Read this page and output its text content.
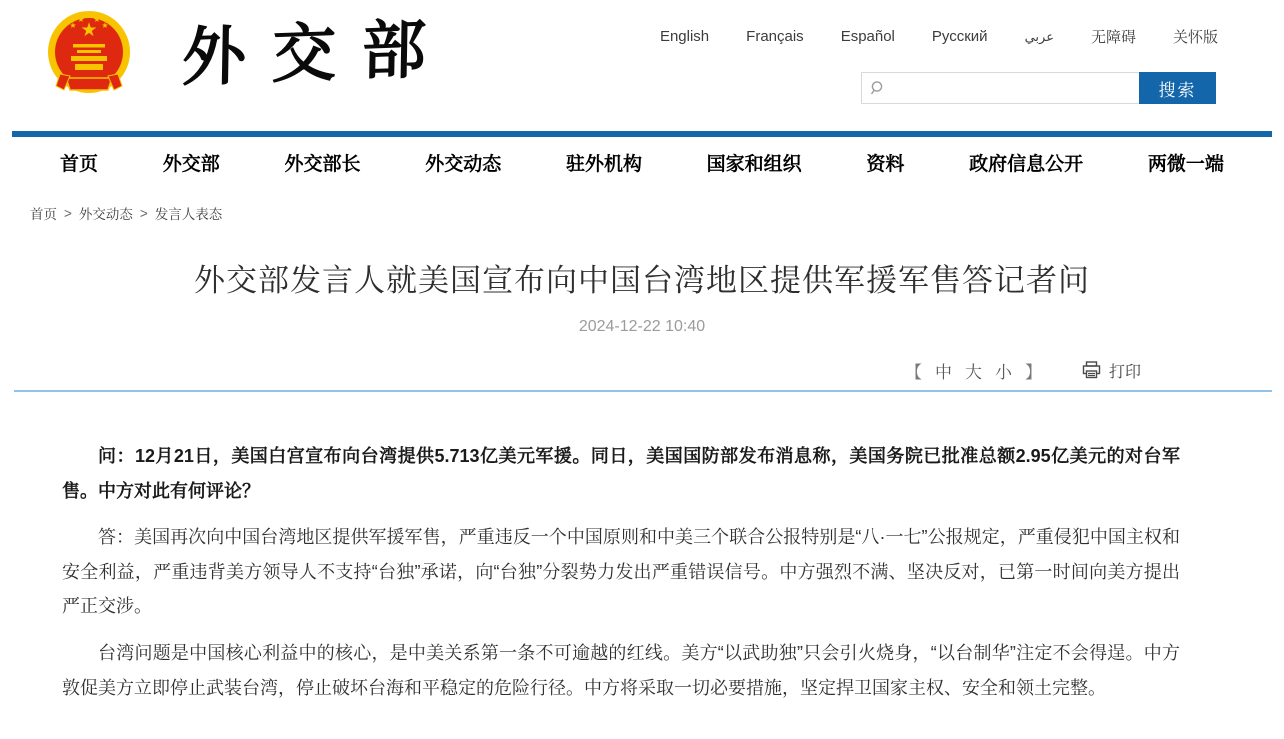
★
★
★ ★
★ 外交部	English Français Español Русский	عربي 无障碍 关怀版
搜索
首页	外交部	外交部长	外交动态	驻外机构	国家和组织	资料	政府信息公开	两微一端
首页 > 外交动态 > 发言人表态
外交部发言人就美国宣布向中国台湾地区提供军援军售答记者问
2024-12-22 10:40
【 中 大 小 】	打印

问：12月21日，美国白宫宣布向台湾提供5.713亿美元军援。同日，美国国防部发布消息称，美国务院已批准总额2.95亿美元的对台军售。中方对此有何评论？

答：美国再次向中国台湾地区提供军援军售，严重违反一个中国原则和中美三个联合公报特别是“八·一七”公报规定，严重侵犯中国主权和安全利益，严重违背美方领导人不支持“台独”承诺，向“台独”分裂势力发出严重错误信号。中方强烈不满、坚决反对，已第一时间向美方提出严正交涉。

台湾问题是中国核心利益中的核心，是中美关系第一条不可逾越的红线。美方“以武助独”只会引火烧身，“以台制华”注定不会得逞。中方敦促美方立即停止武装台湾，停止破坏台海和平稳定的危险行径。中方将采取一切必要措施，坚定捍卫国家主权、安全和领土完整。
